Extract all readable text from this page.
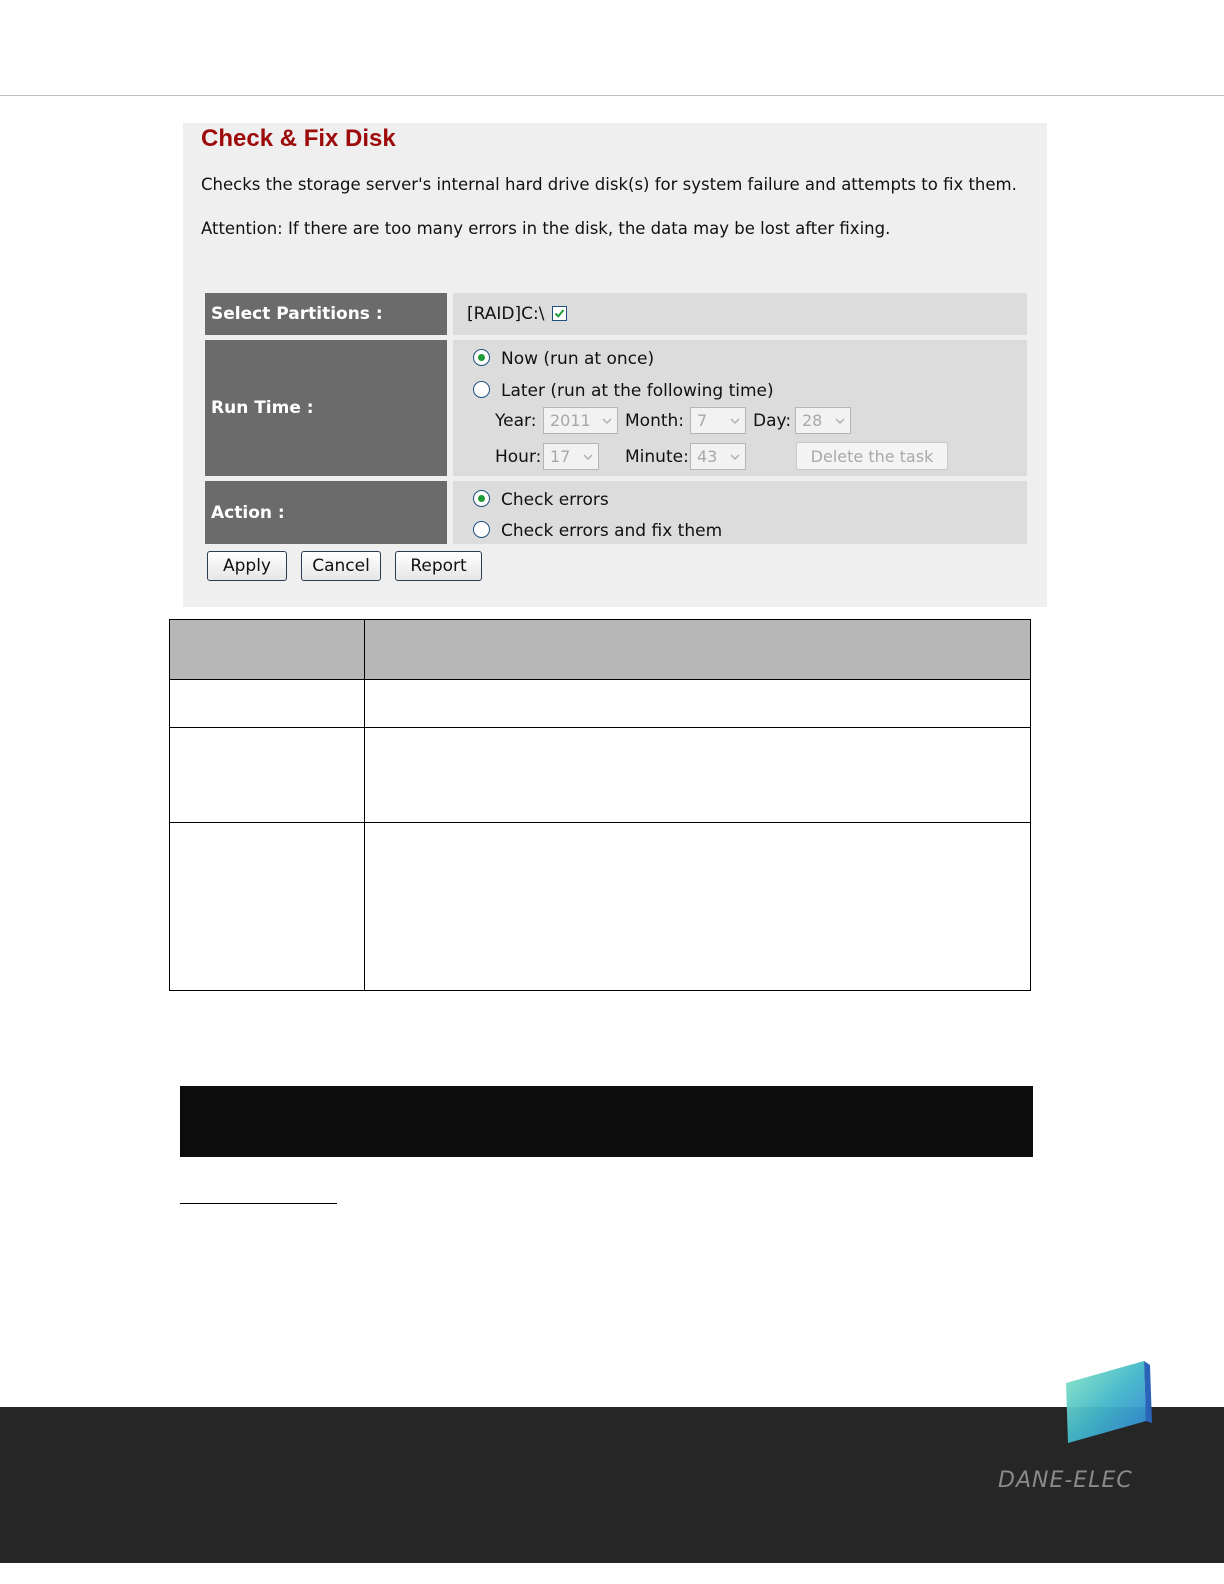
Check & Fix Disk

Checks the storage server's internal hard drive disk(s) for system failure and attempts to fix them.

Attention: If there are too many errors in the disk, the data may be lost after fixing.

Select Partitions :	[RAID]C:\
Run Time :
Now (run at once)
Later (run at the following time)
Year: 2011 Month: 7	Day: 28
Hour: 17	Minute: 43	Delete the task
Action :
Check errors
Check errors and fix them
Apply	Cancel	Report
DANE-ELEC
